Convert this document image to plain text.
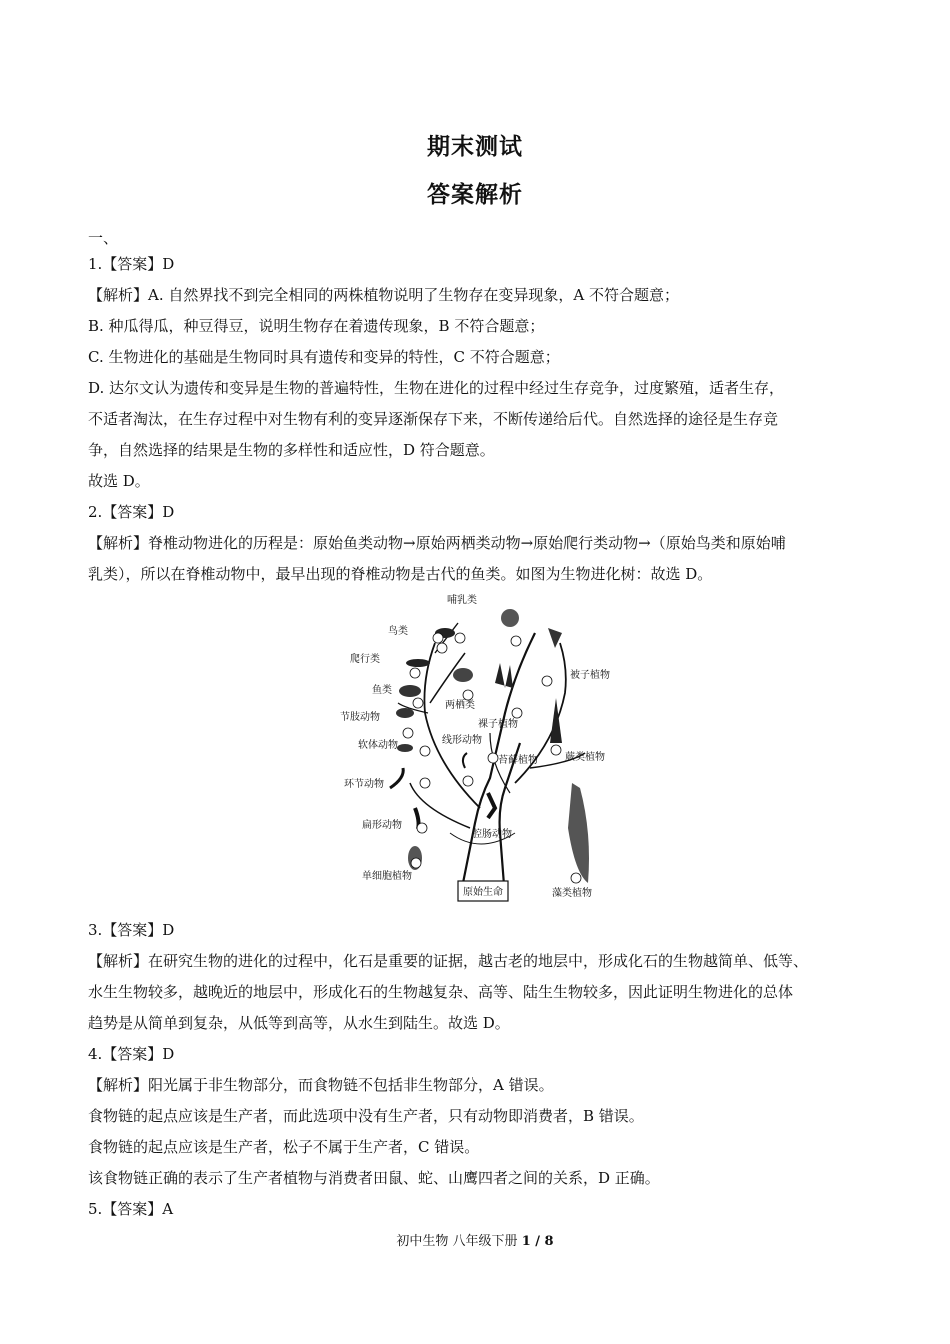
期末测试
答案解析
一、
1.【答案】D
【解析】A. 自然界找不到完全相同的两株植物说明了生物存在变异现象，A 不符合题意；
B. 种瓜得瓜，种豆得豆，说明生物存在着遗传现象，B 不符合题意；
C. 生物进化的基础是生物同时具有遗传和变异的特性，C 不符合题意；
D. 达尔文认为遗传和变异是生物的普遍特性，生物在进化的过程中经过生存竞争，过度繁殖，适者生存，
不适者淘汰，在生存过程中对生物有利的变异逐渐保存下来，不断传递给后代。自然选择的途径是生存竞
争，自然选择的结果是生物的多样性和适应性，D 符合题意。
故选 D。
2.【答案】D
【解析】脊椎动物进化的历程是：原始鱼类动物→原始两栖类动物→原始爬行类动物→（原始鸟类和原始哺
乳类），所以在脊椎动物中，最早出现的脊椎动物是古代的鱼类。如图为生物进化树：故选 D。
哺乳类
鸟类
爬行类
鱼类
两栖类
节肢动物
软体动物	线形动物
环节动物
扁形动物
腔肠动物
单细胞植物
原始生命
裸子植物
被子植物
苔藓植物	蕨类植物
藻类植物
3.【答案】D
【解析】在研究生物的进化的过程中，化石是重要的证据，越古老的地层中，形成化石的生物越简单、低等、
水生生物较多，越晚近的地层中，形成化石的生物越复杂、高等、陆生生物较多，因此证明生物进化的总体
趋势是从简单到复杂，从低等到高等，从水生到陆生。故选 D。
4.【答案】D
【解析】阳光属于非生物部分，而食物链不包括非生物部分，A 错误。
食物链的起点应该是生产者，而此选项中没有生产者，只有动物即消费者，B 错误。
食物链的起点应该是生产者，松子不属于生产者，C 错误。
该食物链正确的表示了生产者植物与消费者田鼠、蛇、山鹰四者之间的关系，D 正确。
5.【答案】A
初中生物 八年级下册 1 / 8
